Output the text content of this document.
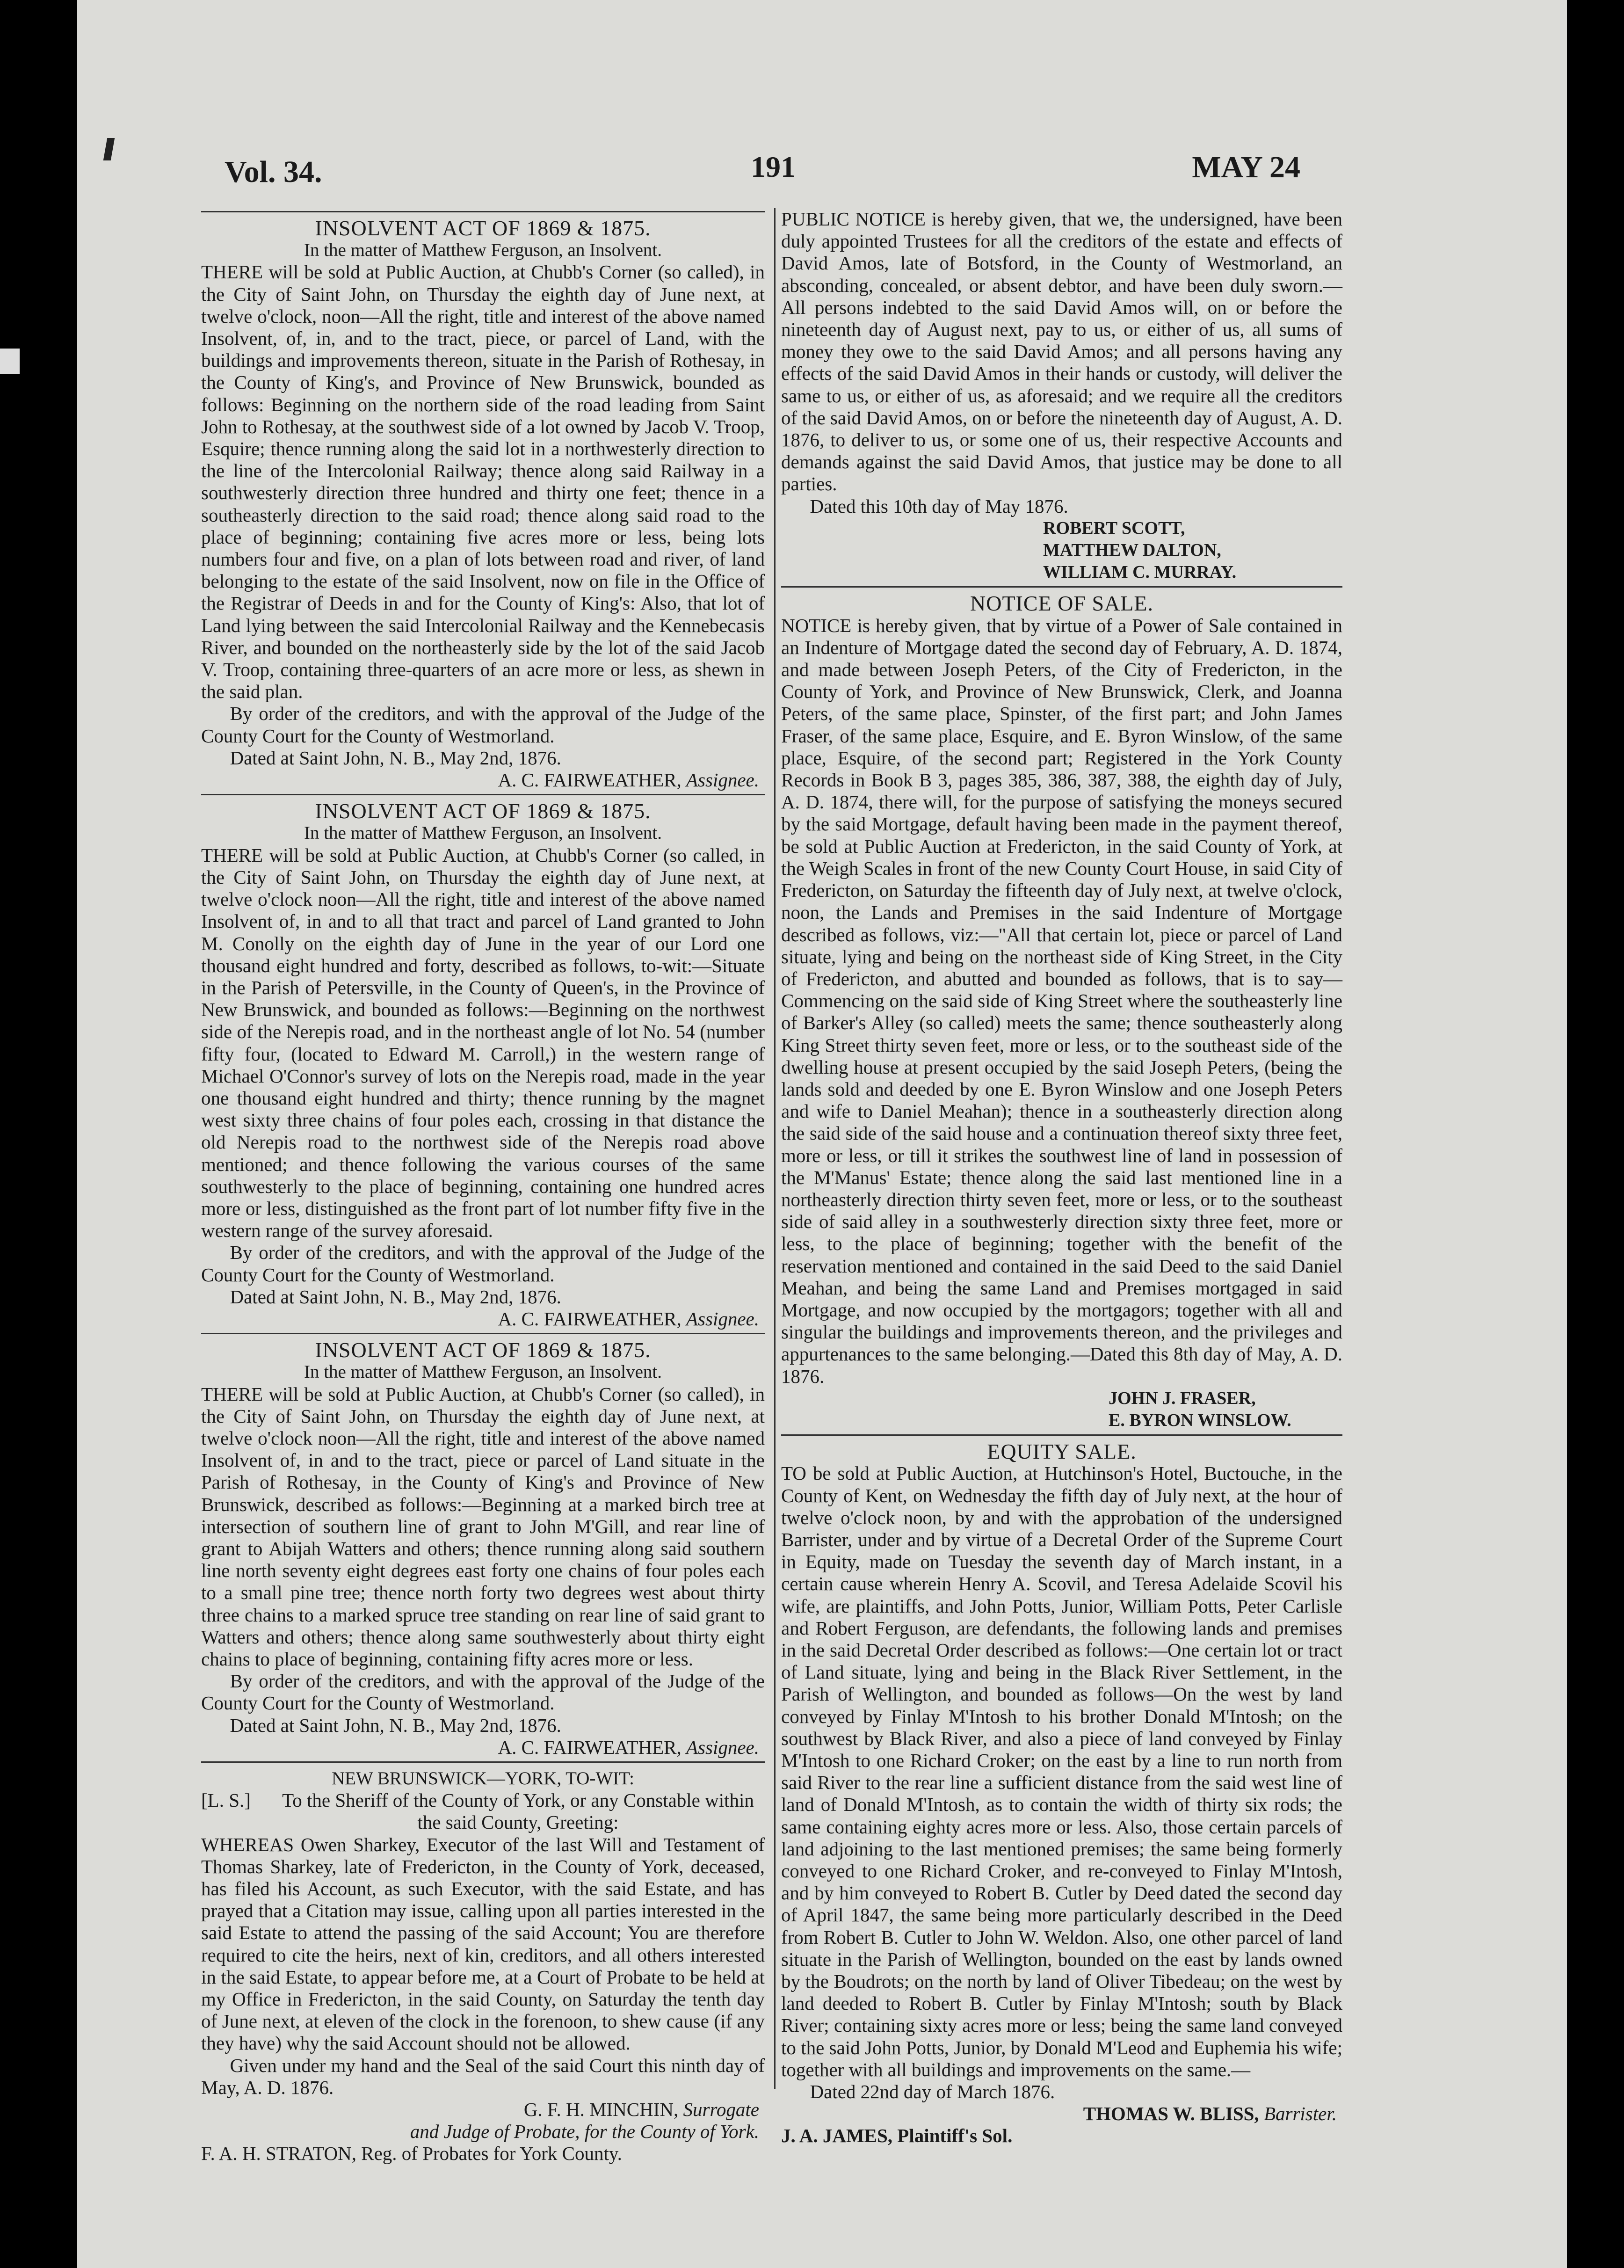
Vol. 34.	191	MAY 24
INSOLVENT ACT OF 1869 & 1875.
In the matter of Matthew Ferguson, an Insolvent.

THERE will be sold at Public Auction, at Chubb's Corner (so called), in the City of Saint John, on Thursday the eighth day of June next, at twelve o'clock, noon—All the right, title and interest of the above named Insolvent, of, in, and to the tract, piece, or parcel of Land, with the buildings and improvements thereon, situate in the Parish of Rothesay, in the County of King's, and Province of New Brunswick, bounded as follows: Beginning on the northern side of the road leading from Saint John to Rothesay, at the southwest side of a lot owned by Jacob V. Troop, Esquire; thence running along the said lot in a northwesterly direction to the line of the Intercolonial Railway; thence along said Railway in a southwesterly direction three hundred and thirty one feet; thence in a southeasterly direction to the said road; thence along said road to the place of beginning; containing five acres more or less, being lots numbers four and five, on a plan of lots between road and river, of land belonging to the estate of the said Insolvent, now on file in the Office of the Registrar of Deeds in and for the County of King's: Also, that lot of Land lying between the said Intercolonial Railway and the Kennebecasis River, and bounded on the northeasterly side by the lot of the said Jacob V. Troop, containing three-quarters of an acre more or less, as shewn in the said plan.

By order of the creditors, and with the approval of the Judge of the County Court for the County of Westmorland.

Dated at Saint John, N. B., May 2nd, 1876.

A. C. FAIRWEATHER, Assignee.
INSOLVENT ACT OF 1869 & 1875.
In the matter of Matthew Ferguson, an Insolvent.

THERE will be sold at Public Auction, at Chubb's Corner (so called, in the City of Saint John, on Thursday the eighth day of June next, at twelve o'clock noon—All the right, title and interest of the above named Insolvent of, in and to all that tract and parcel of Land granted to John M. Conolly on the eighth day of June in the year of our Lord one thousand eight hundred and forty, described as follows, to-wit:—Situate in the Parish of Petersville, in the County of Queen's, in the Province of New Brunswick, and bounded as follows:—Beginning on the northwest side of the Nerepis road, and in the northeast angle of lot No. 54 (number fifty four, (located to Edward M. Carroll,) in the western range of Michael O'Connor's survey of lots on the Nerepis road, made in the year one thousand eight hundred and thirty; thence running by the magnet west sixty three chains of four poles each, crossing in that distance the old Nerepis road to the northwest side of the Nerepis road above mentioned; and thence following the various courses of the same southwesterly to the place of beginning, containing one hundred acres more or less, distinguished as the front part of lot number fifty five in the western range of the survey aforesaid.

By order of the creditors, and with the approval of the Judge of the County Court for the County of Westmorland.

Dated at Saint John, N. B., May 2nd, 1876.

A. C. FAIRWEATHER, Assignee.
INSOLVENT ACT OF 1869 & 1875.
In the matter of Matthew Ferguson, an Insolvent.

THERE will be sold at Public Auction, at Chubb's Corner (so called), in the City of Saint John, on Thursday the eighth day of June next, at twelve o'clock noon—All the right, title and interest of the above named Insolvent of, in and to the tract, piece or parcel of Land situate in the Parish of Rothesay, in the County of King's and Province of New Brunswick, described as follows:—Beginning at a marked birch tree at intersection of southern line of grant to John M'Gill, and rear line of grant to Abijah Watters and others; thence running along said southern line north seventy eight degrees east forty one chains of four poles each to a small pine tree; thence north forty two degrees west about thirty three chains to a marked spruce tree standing on rear line of said grant to Watters and others; thence along same southwesterly about thirty eight chains to place of beginning, containing fifty acres more or less.

By order of the creditors, and with the approval of the Judge of the County Court for the County of Westmorland.

Dated at Saint John, N. B., May 2nd, 1876.

A. C. FAIRWEATHER, Assignee.
NEW BRUNSWICK—YORK, TO-WIT:
[L. S.]	To the Sheriff of the County of York, or any Constable within the said County, Greeting:

WHEREAS Owen Sharkey, Executor of the last Will and Testament of Thomas Sharkey, late of Fredericton, in the County of York, deceased, has filed his Account, as such Executor, with the said Estate, and has prayed that a Citation may issue, calling upon all parties interested in the said Estate to attend the passing of the said Account; You are therefore required to cite the heirs, next of kin, creditors, and all others interested in the said Estate, to appear before me, at a Court of Probate to be held at my Office in Fredericton, in the said County, on Saturday the tenth day of June next, at eleven of the clock in the forenoon, to shew cause (if any they have) why the said Account should not be allowed.

Given under my hand and the Seal of the said Court this ninth day of May, A. D. 1876.

G. F. H. MINCHIN, Surrogate
and Judge of Probate, for the County of York.

F. A. H. STRATON, Reg. of Probates for York County.

PUBLIC NOTICE is hereby given, that we, the undersigned, have been duly appointed Trustees for all the creditors of the estate and effects of David Amos, late of Botsford, in the County of Westmorland, an absconding, concealed, or absent debtor, and have been duly sworn.—All persons indebted to the said David Amos will, on or before the nineteenth day of August next, pay to us, or either of us, all sums of money they owe to the said David Amos; and all persons having any effects of the said David Amos in their hands or custody, will deliver the same to us, or either of us, as aforesaid; and we require all the creditors of the said David Amos, on or before the nineteenth day of August, A. D. 1876, to deliver to us, or some one of us, their respective Accounts and demands against the said David Amos, that justice may be done to all parties.

Dated this 10th day of May 1876.

ROBERT SCOTT,
MATTHEW DALTON,
WILLIAM C. MURRAY.
NOTICE OF SALE.

NOTICE is hereby given, that by virtue of a Power of Sale contained in an Indenture of Mortgage dated the second day of February, A. D. 1874, and made between Joseph Peters, of the City of Fredericton, in the County of York, and Province of New Brunswick, Clerk, and Joanna Peters, of the same place, Spinster, of the first part; and John James Fraser, of the same place, Esquire, and E. Byron Winslow, of the same place, Esquire, of the second part; Registered in the York County Records in Book B 3, pages 385, 386, 387, 388, the eighth day of July, A. D. 1874, there will, for the purpose of satisfying the moneys secured by the said Mortgage, default having been made in the payment thereof, be sold at Public Auction at Fredericton, in the said County of York, at the Weigh Scales in front of the new County Court House, in said City of Fredericton, on Saturday the fifteenth day of July next, at twelve o'clock, noon, the Lands and Premises in the said Indenture of Mortgage described as follows, viz:—"All that certain lot, piece or parcel of Land situate, lying and being on the northeast side of King Street, in the City of Fredericton, and abutted and bounded as follows, that is to say—Commencing on the said side of King Street where the southeasterly line of Barker's Alley (so called) meets the same; thence southeasterly along King Street thirty seven feet, more or less, or to the southeast side of the dwelling house at present occupied by the said Joseph Peters, (being the lands sold and deeded by one E. Byron Winslow and one Joseph Peters and wife to Daniel Meahan); thence in a southeasterly direction along the said side of the said house and a continuation thereof sixty three feet, more or less, or till it strikes the southwest line of land in possession of the M'Manus' Estate; thence along the said last mentioned line in a northeasterly direction thirty seven feet, more or less, or to the southeast side of said alley in a southwesterly direction sixty three feet, more or less, to the place of beginning; together with the benefit of the reservation mentioned and contained in the said Deed to the said Daniel Meahan, and being the same Land and Premises mortgaged in said Mortgage, and now occupied by the mortgagors; together with all and singular the buildings and improvements thereon, and the privileges and appurtenances to the same belonging.—Dated this 8th day of May, A. D. 1876.

JOHN J. FRASER,
E. BYRON WINSLOW.
EQUITY SALE.

TO be sold at Public Auction, at Hutchinson's Hotel, Buctouche, in the County of Kent, on Wednesday the fifth day of July next, at the hour of twelve o'clock noon, by and with the approbation of the undersigned Barrister, under and by virtue of a Decretal Order of the Supreme Court in Equity, made on Tuesday the seventh day of March instant, in a certain cause wherein Henry A. Scovil, and Teresa Adelaide Scovil his wife, are plaintiffs, and John Potts, Junior, William Potts, Peter Carlisle and Robert Ferguson, are defendants, the following lands and premises in the said Decretal Order described as follows:—One certain lot or tract of Land situate, lying and being in the Black River Settlement, in the Parish of Wellington, and bounded as follows—On the west by land conveyed by Finlay M'Intosh to his brother Donald M'Intosh; on the southwest by Black River, and also a piece of land conveyed by Finlay M'Intosh to one Richard Croker; on the east by a line to run north from said River to the rear line a sufficient distance from the said west line of land of Donald M'Intosh, as to contain the width of thirty six rods; the same containing eighty acres more or less. Also, those certain parcels of land adjoining to the last mentioned premises; the same being formerly conveyed to one Richard Croker, and re-conveyed to Finlay M'Intosh, and by him conveyed to Robert B. Cutler by Deed dated the second day of April 1847, the same being more particularly described in the Deed from Robert B. Cutler to John W. Weldon. Also, one other parcel of land situate in the Parish of Wellington, bounded on the east by lands owned by the Boudrots; on the north by land of Oliver Tibedeau; on the west by land deeded to Robert B. Cutler by Finlay M'Intosh; south by Black River; containing sixty acres more or less; being the same land conveyed to the said John Potts, Junior, by Donald M'Leod and Euphemia his wife; together with all buildings and improvements on the same.—

Dated 22nd day of March 1876.

THOMAS W. BLISS, Barrister.

J. A. JAMES, Plaintiff's Sol.
